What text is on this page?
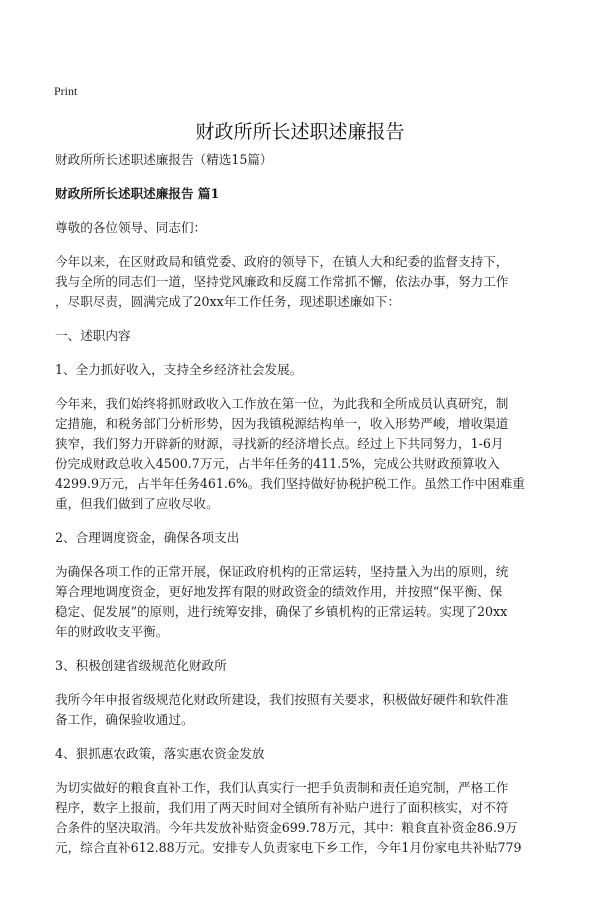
Print
财政所所长述职述廉报告
财政所所长述职述廉报告（精选15篇）
财政所所长述职述廉报告 篇1
尊敬的各位领导、同志们：
今年以来，在区财政局和镇党委、政府的领导下，在镇人大和纪委的监督支持下，
我与全所的同志们一道，坚持党风廉政和反腐工作常抓不懈，依法办事，努力工作
，尽职尽责，圆满完成了20xx年工作任务，现述职述廉如下：
一、述职内容
1、全力抓好收入，支持全乡经济社会发展。
今年来，我们始终将抓财政收入工作放在第一位，为此我和全所成员认真研究，制
定措施，和税务部门分析形势，因为我镇税源结构单一，收入形势严峻，增收渠道
狭窄，我们努力开辟新的财源，寻找新的经济增长点。经过上下共同努力，1-6月
份完成财政总收入4500.7万元，占半年任务的411.5%，完成公共财政预算收入
4299.9万元，占半年任务461.6%。我们坚持做好协税护税工作。虽然工作中困难重
重，但我们做到了应收尽收。
2、合理调度资金，确保各项支出
为确保各项工作的正常开展，保证政府机构的正常运转，坚持量入为出的原则，统
筹合理地调度资金，更好地发挥有限的财政资金的绩效作用，并按照“保平衡、保
稳定、促发展”的原则，进行统筹安排，确保了乡镇机构的正常运转。实现了20xx
年的财政收支平衡。
3、积极创建省级规范化财政所
我所今年申报省级规范化财政所建设，我们按照有关要求，积极做好硬件和软件准
备工作，确保验收通过。
4、狠抓惠农政策，落实惠农资金发放
为切实做好的粮食直补工作，我们认真实行一把手负责制和责任追究制，严格工作
程序，数字上报前，我们用了两天时间对全镇所有补贴户进行了面积核实，对不符
合条件的坚决取消。今年共发放补贴资金699.78万元，其中：粮食直补资金86.9万
元，综合直补612.88万元。安排专人负责家电下乡工作，今年1月份家电共补贴779
